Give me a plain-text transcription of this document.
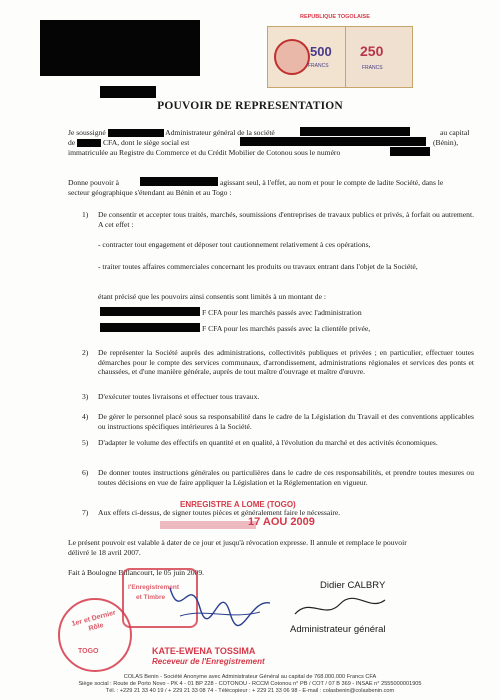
500
FRANCS
250
FRANCS
REPUBLIQUE TOGOLAISE
POUVOIR DE REPRESENTATION
Je soussigné	Administrateur général de la société	au capital
de	CFA, dont le siège social est	(Bénin),
immatriculée au Registre du Commerce et du Crédit Mobilier de Cotonou sous le numéro
Donne pouvoir à	agissant seul, à l'effet, au nom et pour le compte de ladite Société, dans le
secteur géographique s'étendant au Bénin et au Togo :
1) De consentir et accepter tous traités, marchés, soumissions d'entreprises de travaux publics et privés, à forfait ou autrement. A cet effet :
- contracter tout engagement et déposer tout cautionnement relativement à ces opérations,
- traiter toutes affaires commerciales concernant les produits ou travaux entrant dans l'objet de la Société,
étant précisé que les pouvoirs ainsi consentis sont limités à un montant de :
F CFA pour les marchés passés avec l'administration
F CFA pour les marchés passés avec la clientèle privée,
2) De représenter la Société auprès des administrations, collectivités publiques et privées ; en particulier, effectuer toutes démarches pour le compte des services communaux, d'arrondissement, administrations régionales et services des ponts et chaussées, et d'une manière générale, auprès de tout maître d'ouvrage et maître d'œuvre.
3) D'exécuter toutes livraisons et effectuer tous travaux.
4) De gérer le personnel placé sous sa responsabilité dans le cadre de la Législation du Travail et des conventions applicables ou instructions spécifiques intérieures à la Société.
5) D'adapter le volume des effectifs en quantité et en qualité, à l'évolution du marché et des activités économiques.
6) De donner toutes instructions générales ou particulières dans le cadre de ces responsabilités, et prendre toutes mesures ou toutes décisions en vue de faire appliquer la Législation et la Réglementation en vigueur.
7) Aux effets ci-dessus, de signer toutes pièces et généralement faire le nécessaire.
ENREGISTRE A LOME (TOGO)
17 AOU 2009
Le présent pouvoir est valable à dater de ce jour et jusqu'à révocation expresse. Il annule et remplace le pouvoir
délivré le 18 avril 2007.
Fait à Boulogne Billancourt, le 05 juin 2009.
1er et Dernier Rôle
TOGO
l'Enregistrement
et Timbre
KATE-EWENA TOSSIMA
Receveur de l'Enregistrement
Didier CALBRY
Administrateur général
COLAS Benin - Société Anonyme avec Administrateur Général au capital de 768.000.000 Francs CFA
Siège social : Route de Porto Novo - PK 4 - 01 BP 228 - COTONOU - RCCM Cotonou n° PB / COT / 07 B 369 - INSAE n° 2555000001905
Tél. : +229 21 33 40 19 / + 229 21 33 08 74 - Télécopieur : + 229 21 33 06 98 - E-mail : colasbenin@colasbenin.com
